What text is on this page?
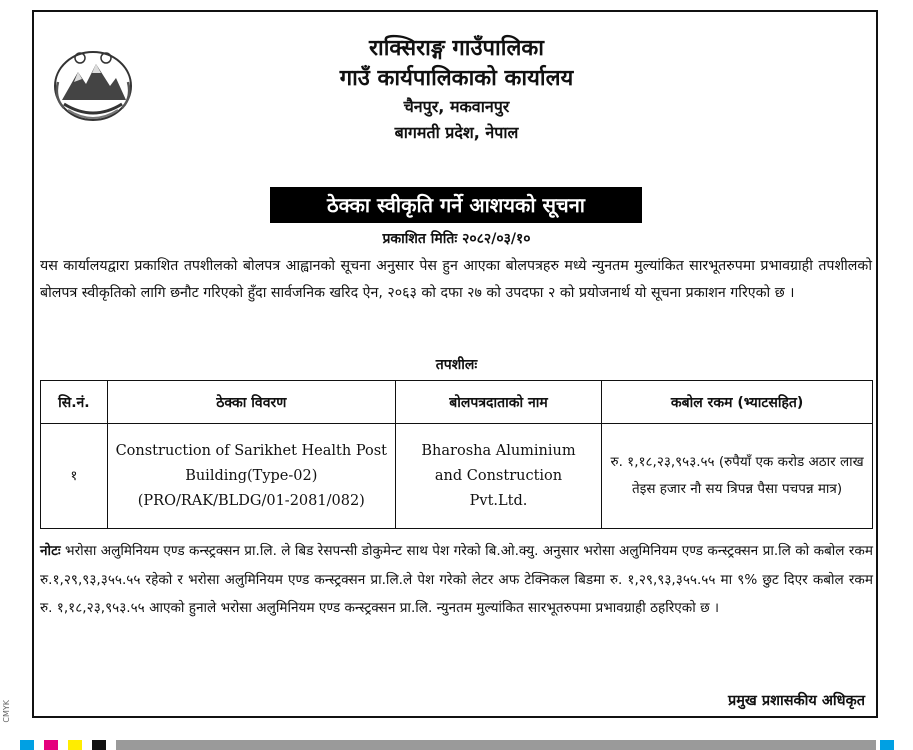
राक्सिराङ्ग गाउँपालिका
गाउँ कार्यपालिकाको कार्यालय
चैनपुर, मकवानपुर
बागमती प्रदेश, नेपाल
ठेक्का स्वीकृति गर्ने आशयको सूचना
प्रकाशित मितिः २०८२/०३/१०
यस कार्यालयद्वारा प्रकाशित तपशीलको बोलपत्र आह्वानको सूचना अनुसार पेस हुन आएका बोलपत्रहरु मध्ये न्युनतम मुल्यांकित सारभूतरुपमा प्रभावग्राही तपशीलको बोलपत्र स्वीकृतिको लागि छनौट गरिएको हुँदा सार्वजनिक खरिद ऐन, २०६३ को दफा २७ को उपदफा २ को प्रयोजनार्थ यो सूचना प्रकाशन गरिएको छ ।
तपशीलः
सि.नं.	ठेक्का विवरण	बोलपत्रदाताको नाम	कबोल रकम (भ्याटसहित)
१	Construction of Sarikhet Health Post Building(Type-02) (PRO/RAK/BLDG/01-2081/082)	Bharosha Aluminium and Construction Pvt.Ltd.	रु. १,१८,२३,९५३.५५ (रुपैयाँ एक करोड अठार लाख तेइस हजार नौ सय त्रिपन्न पैसा पचपन्न मात्र)
नोटः भरोसा अलुमिनियम एण्ड कन्स्ट्रक्सन प्रा.लि. ले बिड रेसपन्सी डोकुमेन्ट साथ पेश गरेको बि.ओ.क्यु. अनुसार भरोसा अलुमिनियम एण्ड कन्स्ट्रक्सन प्रा.लि को कबोल रकम रु.१,२९,९३,३५५.५५ रहेको र भरोसा अलुमिनियम एण्ड कन्स्ट्रक्सन प्रा.लि.ले पेश गरेको लेटर अफ टेक्निकल बिडमा रु. १,२९,९३,३५५.५५ मा ९% छुट दिएर कबोल रकम रु. १,१८,२३,९५३.५५ आएको हुनाले भरोसा अलुमिनियम एण्ड कन्स्ट्रक्सन प्रा.लि. न्युनतम मुल्यांकित सारभूतरुपमा प्रभावग्राही ठहरिएको छ ।
प्रमुख प्रशासकीय अधिकृत
CMYK
